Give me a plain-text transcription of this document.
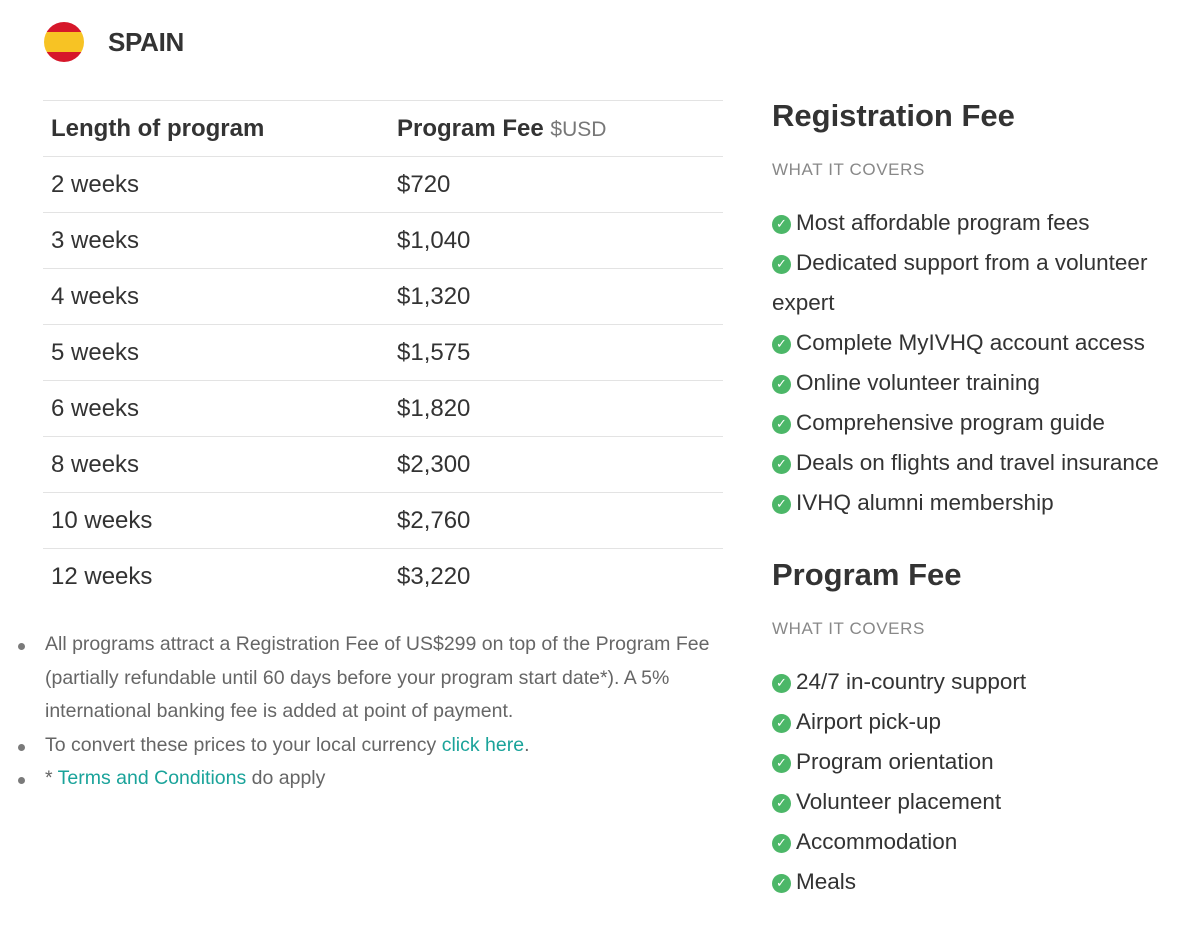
SPAIN
Length of program	Program Fee $USD
2 weeks	$720
3 weeks	$1,040
4 weeks	$1,320
5 weeks	$1,575
6 weeks	$1,820
8 weeks	$2,300
10 weeks	$2,760
12 weeks	$3,220
All programs attract a Registration Fee of US$299 on top of the Program Fee (partially refundable until 60 days before your program start date*). A 5% international banking fee is added at point of payment.
To convert these prices to your local currency click here.
* Terms and Conditions do apply
Registration Fee
WHAT IT COVERS
✓ Most affordable program fees
✓ Dedicated support from a volunteer expert
✓ Complete MyIVHQ account access
✓ Online volunteer training
✓ Comprehensive program guide
✓ Deals on flights and travel insurance
✓ IVHQ alumni membership
Program Fee
WHAT IT COVERS
✓ 24/7 in-country support
✓ Airport pick-up
✓ Program orientation
✓ Volunteer placement
✓ Accommodation
✓ Meals
